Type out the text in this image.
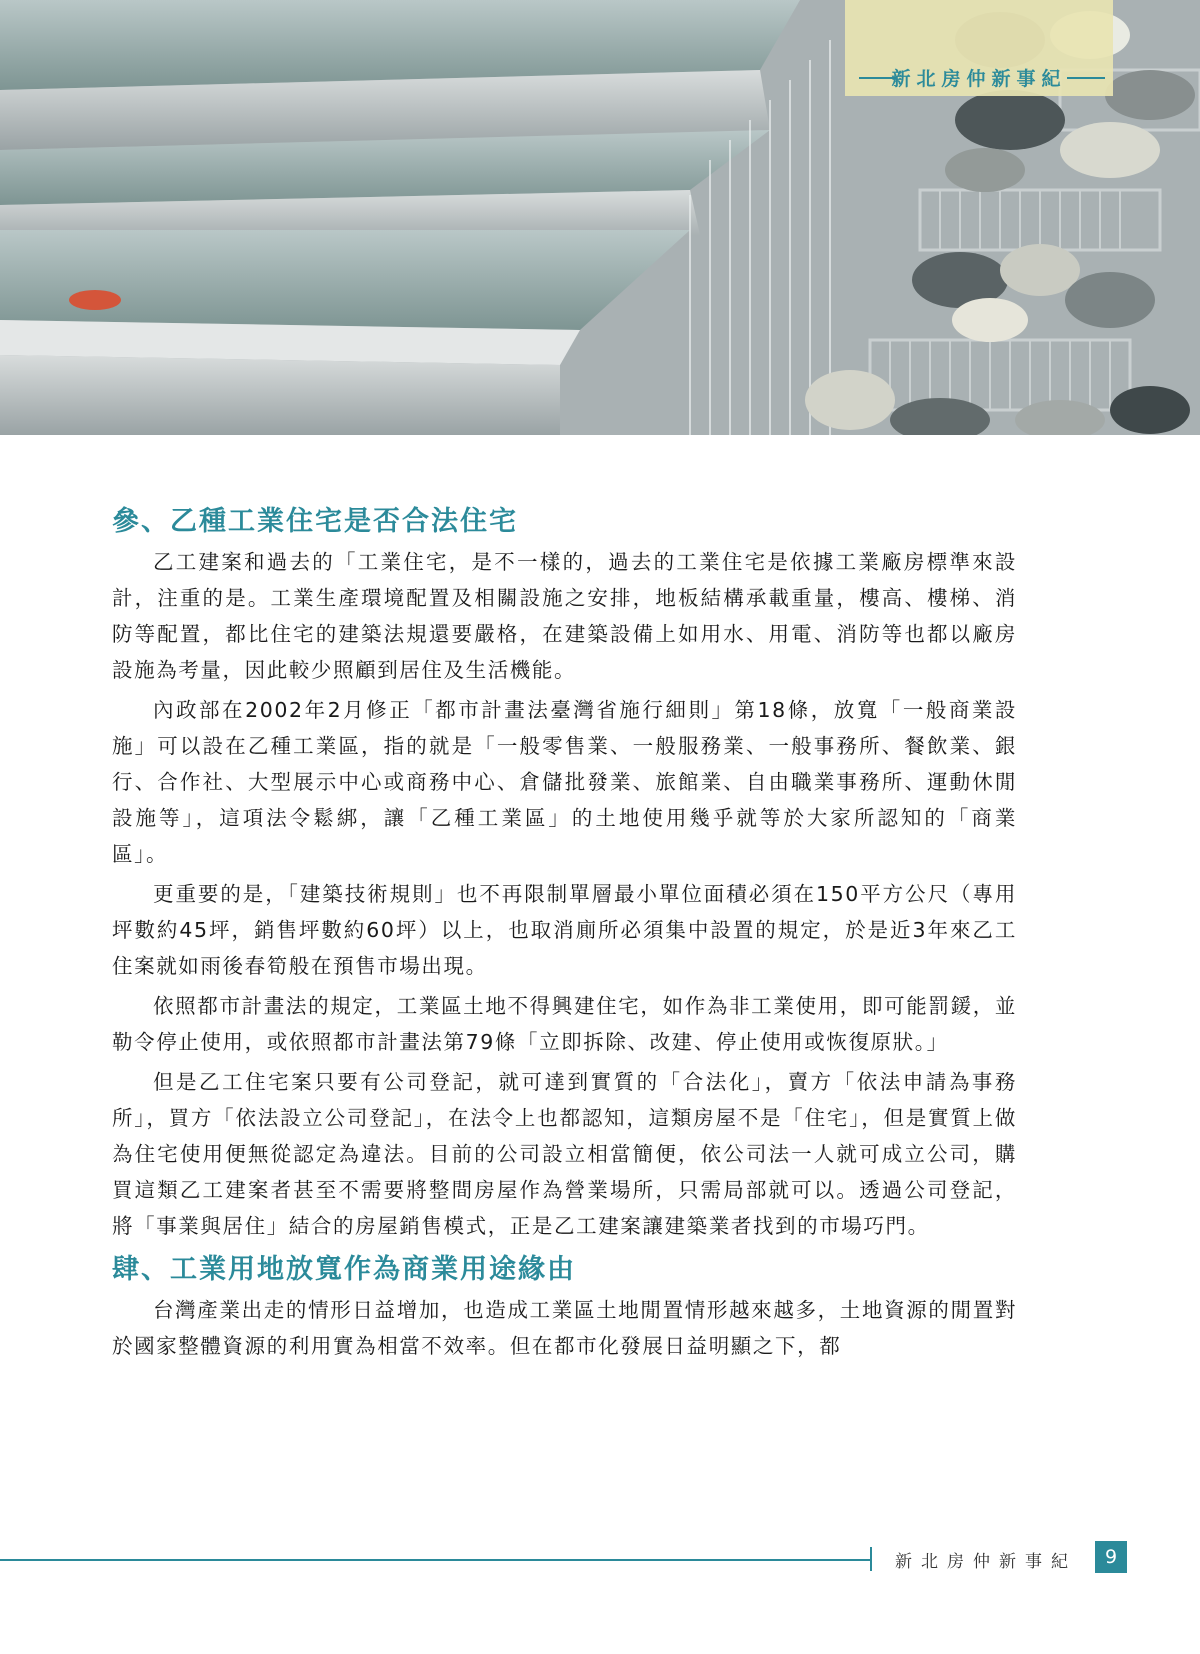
新北房仲新事紀
參、乙種工業住宅是否合法住宅

乙工建案和過去的「工業住宅，是不一樣的，過去的工業住宅是依據工業廠房標準來設計，注重的是。工業生產環境配置及相關設施之安排，地板結構承載重量，樓高、樓梯、消防等配置，都比住宅的建築法規還要嚴格，在建築設備上如用水、用電、消防等也都以廠房設施為考量，因此較少照顧到居住及生活機能。

內政部在2002年2月修正「都市計畫法臺灣省施行細則」第18條，放寬「一般商業設施」可以設在乙種工業區，指的就是「一般零售業、一般服務業、一般事務所、餐飲業、銀行、合作社、大型展示中心或商務中心、倉儲批發業、旅館業、自由職業事務所、運動休閒設施等」，這項法令鬆綁，讓「乙種工業區」的土地使用幾乎就等於大家所認知的「商業區」。

更重要的是，「建築技術規則」也不再限制單層最小單位面積必須在150平方公尺（專用坪數約45坪，銷售坪數約60坪）以上，也取消廁所必須集中設置的規定，於是近3年來乙工住案就如雨後春筍般在預售市場出現。

依照都市計畫法的規定，工業區土地不得興建住宅，如作為非工業使用，即可能罰鍰，並勒令停止使用，或依照都市計畫法第79條「立即拆除、改建、停止使用或恢復原狀。」

但是乙工住宅案只要有公司登記，就可達到實質的「合法化」，賣方「依法申請為事務所」，買方「依法設立公司登記」，在法令上也都認知，這類房屋不是「住宅」，但是實質上做為住宅使用便無從認定為違法。目前的公司設立相當簡便，依公司法一人就可成立公司，購買這類乙工建案者甚至不需要將整間房屋作為營業場所，只需局部就可以。透過公司登記，將「事業與居住」結合的房屋銷售模式，正是乙工建案讓建築業者找到的市場巧門。

肆、工業用地放寬作為商業用途緣由

台灣產業出走的情形日益增加，也造成工業區土地閒置情形越來越多，土地資源的閒置對於國家整體資源的利用實為相當不效率。但在都市化發展日益明顯之下，都

新北房仲新事紀	9
